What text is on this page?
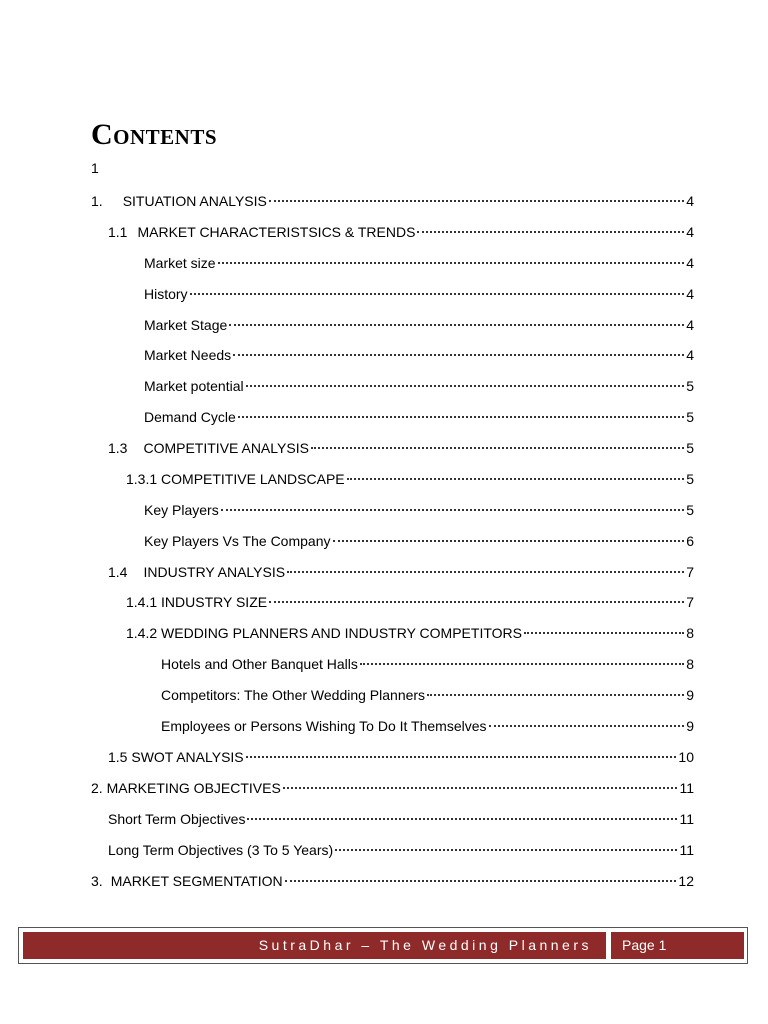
Contents
1
1.	SITUATION ANALYSIS	4
1.1 MARKET CHARACTERISTSICS & TRENDS	4
Market size	4
History	4
Market Stage	4
Market Needs	4
Market potential	5
Demand Cycle	5
1.3	COMPETITIVE ANALYSIS	5
1.3.1 COMPETITIVE LANDSCAPE	5
Key Players	5
Key Players Vs The Company	6
1.4	INDUSTRY ANALYSIS	7
1.4.1 INDUSTRY SIZE	7
1.4.2 WEDDING PLANNERS AND INDUSTRY COMPETITORS	8
Hotels and Other Banquet Halls	8
Competitors: The Other Wedding Planners	9
Employees or Persons Wishing To Do It Themselves	9
1.5 SWOT ANALYSIS	10
2. MARKETING OBJECTIVES	11
Short Term Objectives	11
Long Term Objectives (3 To 5 Years)	11
3. MARKET SEGMENTATION	12
SutraDhar – The Wedding Planners	Page 1
